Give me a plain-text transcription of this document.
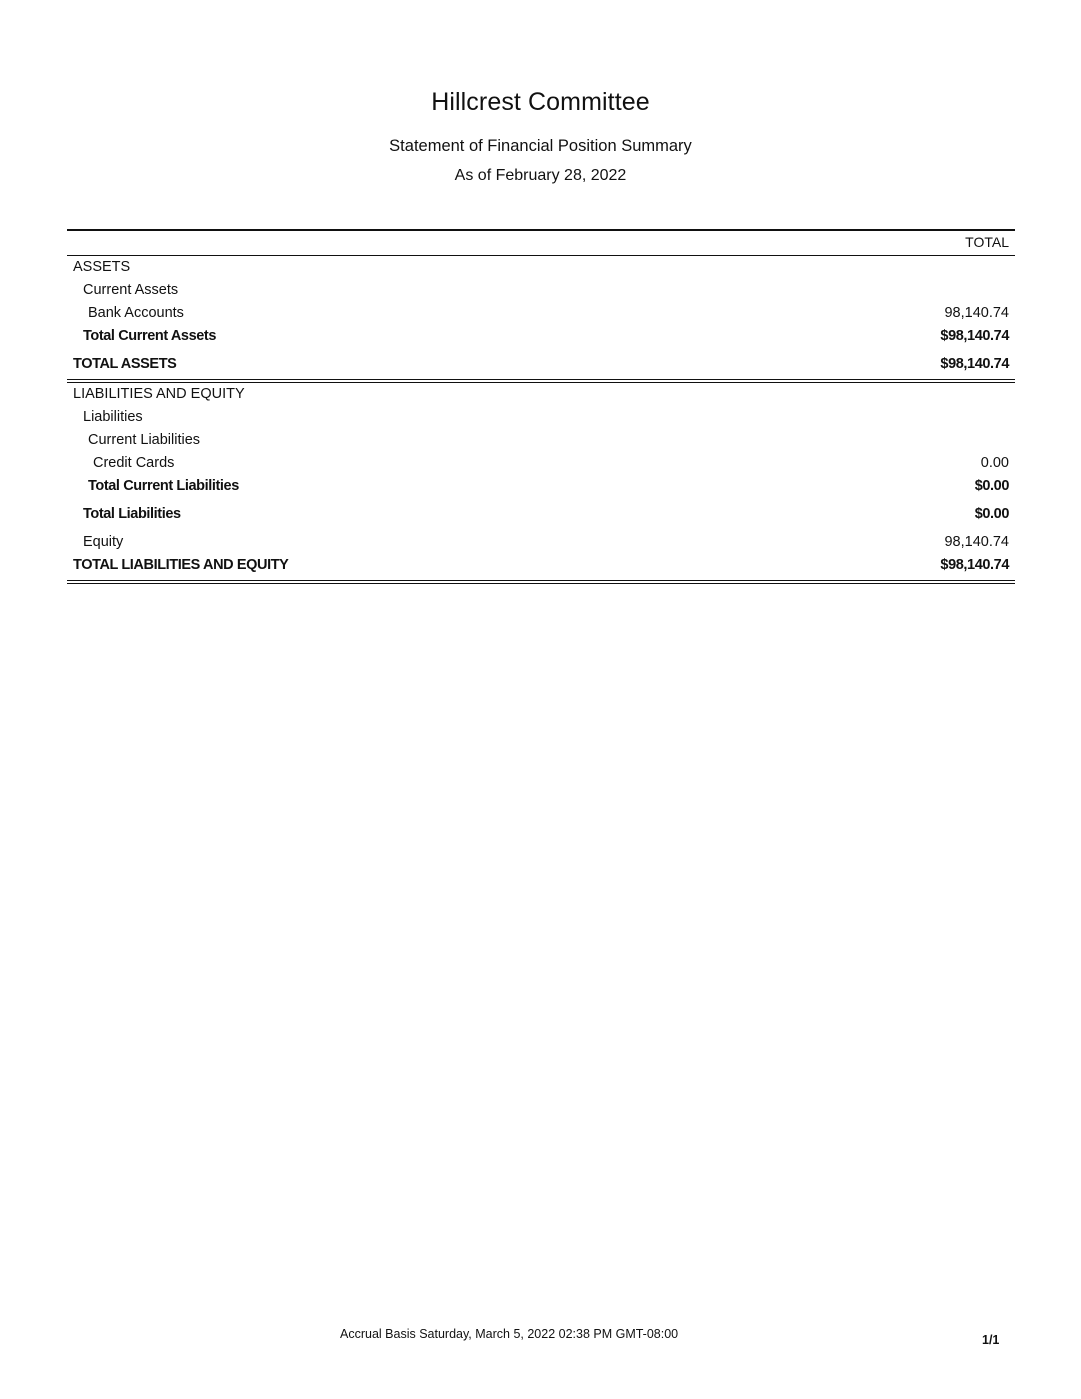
Hillcrest Committee
Statement of Financial Position Summary
As of February 28, 2022
TOTAL
ASSETS
Current Assets
Bank Accounts	98,140.74
Total Current Assets	$98,140.74
TOTAL ASSETS	$98,140.74
LIABILITIES AND EQUITY
Liabilities
Current Liabilities
Credit Cards	0.00
Total Current Liabilities	$0.00
Total Liabilities	$0.00
Equity	98,140.74
TOTAL LIABILITIES AND EQUITY	$98,140.74
Accrual Basis Saturday, March 5, 2022 02:38 PM GMT-08:00	1/1
